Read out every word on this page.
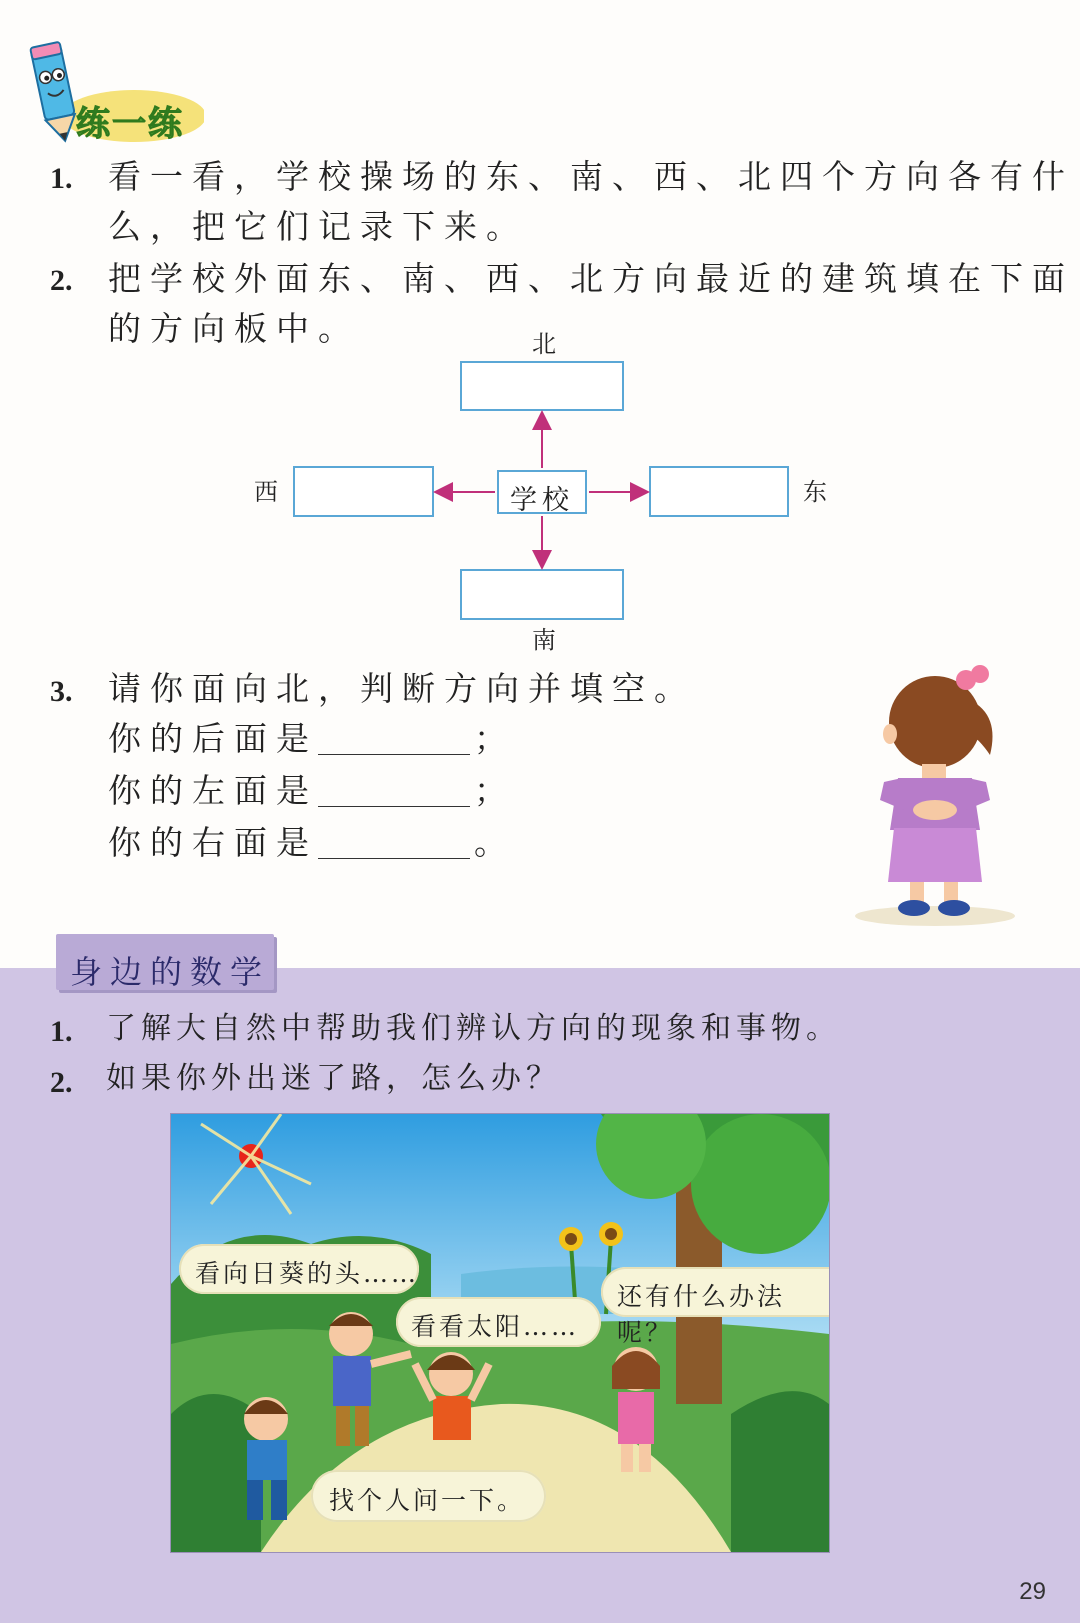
练一练
1. 看一看，学校操场的东、南、西、北四个方向各有什
么，把它们记录下来。
2. 把学校外面东、南、西、北方向最近的建筑填在下面
的方向板中。	北
西	学校	东
南
3. 请你面向北，判断方向并填空。
你的后面是	；
你的左面是	；
你的右面是	。
身边的数学
1. 了解大自然中帮助我们辨认方向的现象和事物。
2. 如果你外出迷了路，怎么办？
看向日葵的头……
看看太阳……
还有什么办法呢？
找个人问一下。
29
